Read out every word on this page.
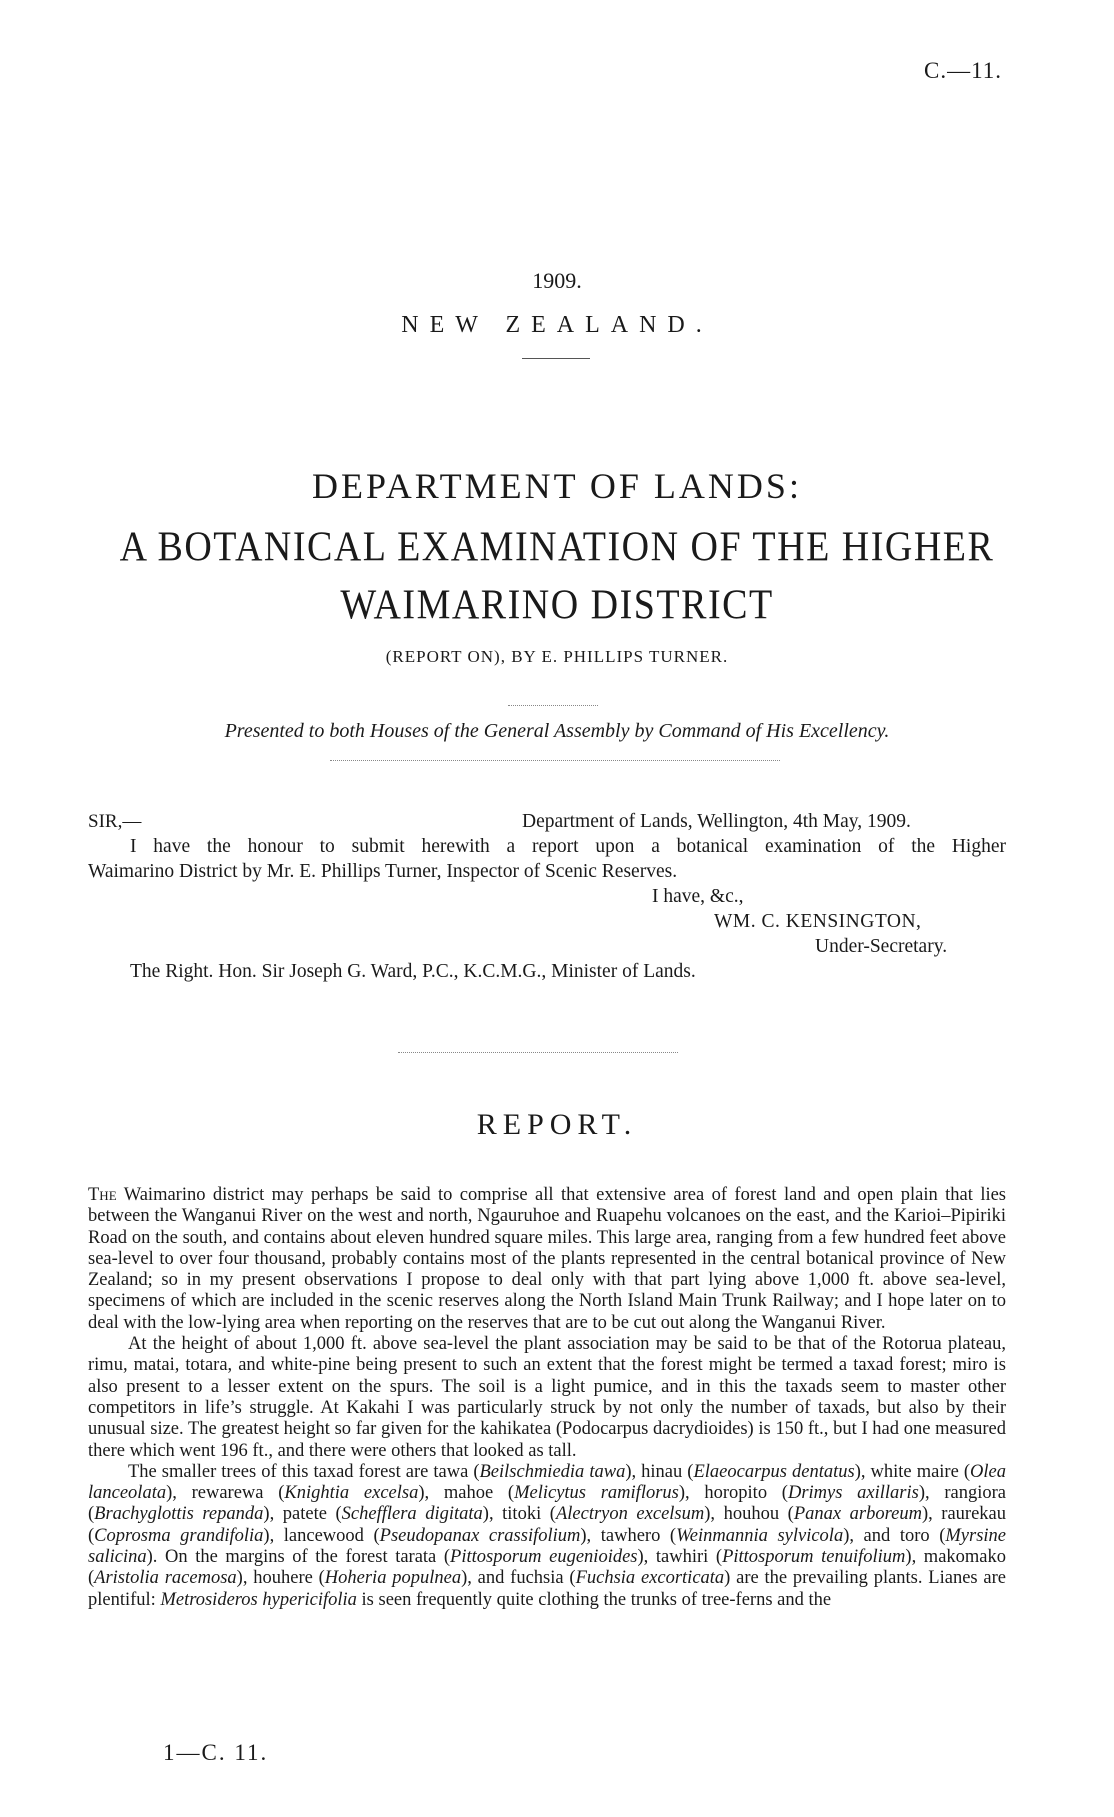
C.—11.
1909.
NEW ZEALAND.
DEPARTMENT OF LANDS:
A BOTANICAL EXAMINATION OF THE HIGHER
WAIMARINO DISTRICT
(REPORT ON), BY E. PHILLIPS TURNER.
Presented to both Houses of the General Assembly by Command of His Excellency.
SIR,—	Department of Lands, Wellington, 4th May, 1909.
I have the honour to submit herewith a report upon a botanical examination of the Higher
Waimarino District by Mr. E. Phillips Turner, Inspector of Scenic Reserves.
I have, &c.,
WM. C. KENSINGTON,
Under-Secretary.
The Right. Hon. Sir Joseph G. Ward, P.C., K.C.M.G., Minister of Lands.
REPORT.

The Waimarino district may perhaps be said to comprise all that extensive area of forest land and open plain that lies between the Wanganui River on the west and north, Ngauruhoe and Ruapehu volcanoes on the east, and the Karioi–Pipiriki Road on the south, and contains about eleven hundred square miles. This large area, ranging from a few hundred feet above sea-level to over four thousand, probably contains most of the plants represented in the central botanical province of New Zealand; so in my present observations I propose to deal only with that part lying above 1,000 ft. above sea-level, specimens of which are included in the scenic reserves along the North Island Main Trunk Railway; and I hope later on to deal with the low-lying area when reporting on the reserves that are to be cut out along the Wanganui River.

At the height of about 1,000 ft. above sea-level the plant association may be said to be that of the Rotorua plateau, rimu, matai, totara, and white-pine being present to such an extent that the forest might be termed a taxad forest; miro is also present to a lesser extent on the spurs. The soil is a light pumice, and in this the taxads seem to master other competitors in life’s struggle. At Kakahi I was particularly struck by not only the number of taxads, but also by their unusual size. The greatest height so far given for the kahikatea (Podocarpus dacrydioides) is 150 ft., but I had one measured there which went 196 ft., and there were others that looked as tall.

The smaller trees of this taxad forest are tawa (Beilschmiedia tawa), hinau (Elaeocarpus dentatus), white maire (Olea lanceolata), rewarewa (Knightia excelsa), mahoe (Melicytus ramiflorus), horopito (Drimys axillaris), rangiora (Brachyglottis repanda), patete (Schefflera digitata), titoki (Alectryon excelsum), houhou (Panax arboreum), raurekau (Coprosma grandifolia), lancewood (Pseudopanax crassifolium), tawhero (Weinmannia sylvicola), and toro (Myrsine salicina). On the margins of the forest tarata (Pittosporum eugenioides), tawhiri (Pittosporum tenuifolium), makomako (Aristolia racemosa), houhere (Hoheria populnea), and fuchsia (Fuchsia excorticata) are the prevailing plants. Lianes are plentiful: Metrosideros hypericifolia is seen frequently quite clothing the trunks of tree-ferns and the

1—C. 11.
